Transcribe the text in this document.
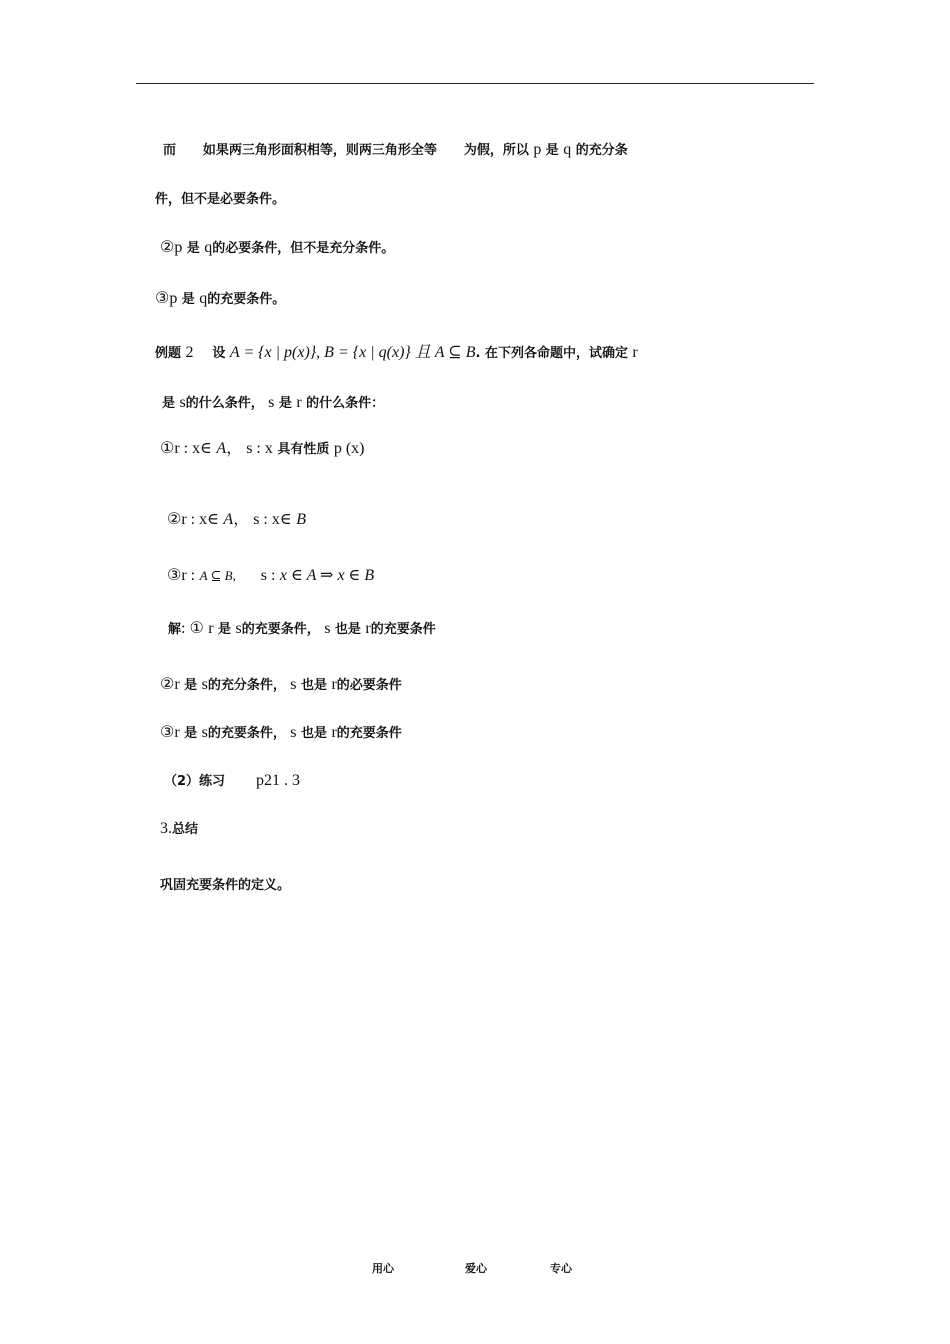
而 如果两三角形面积相等，则两三角形全等 为假，所以 p 是 q 的充分条
件，但不是必要条件。
②p 是 q的必要条件，但不是充分条件。
③p 是 q的充要条件。
例题 2 设 A = {x | p(x)}, B = {x | q(x)} 且 A ⊆ B. 在下列各命题中，试确定 r
是 s的什么条件， s 是 r 的什么条件：
①r : x∈ A， s : x 具有性质 p (x)
②r : x∈ A， s : x∈ B
③r : A ⊆ B, s : x ∈ A ⇒ x ∈ B
解: ① r 是 s的充要条件， s 也是 r的充要条件
②r 是 s的充分条件， s 也是 r的必要条件
③r 是 s的充要条件， s 也是 r的充要条件
（2）练习 p21 . 3
3.总结
巩固充要条件的定义。
用心	爱心	专心
